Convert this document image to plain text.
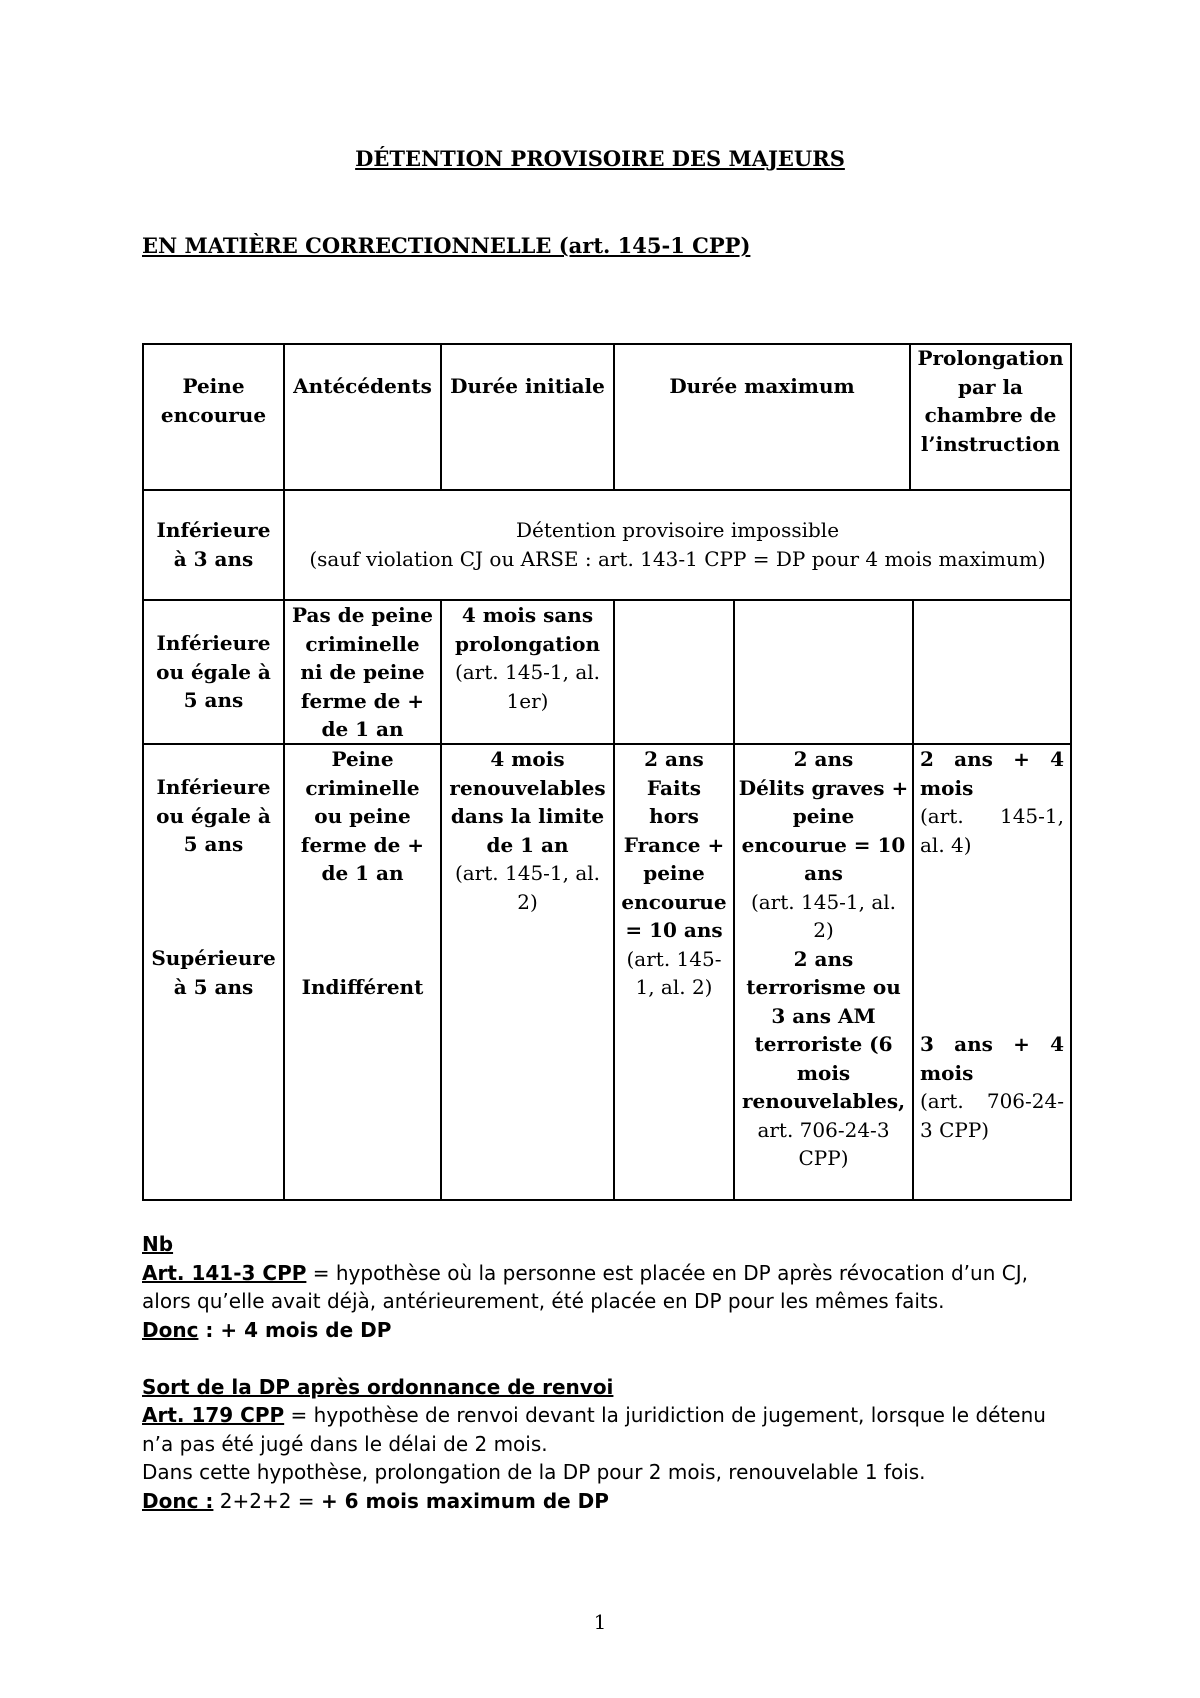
DÉTENTION PROVISOIRE DES MAJEURS
EN MATIÈRE CORRECTIONNELLE (art. 145-1 CPP)
Peine
encourue
Antécédents Durée initiale	Durée maximum
Prolongation
par la
chambre de
l’instruction
Inférieure
à 3 ans
Détention provisoire impossible
(sauf violation CJ ou ARSE : art. 143-1 CPP = DP pour 4 mois maximum)
Inférieure
ou égale à
5 ans
Pas de peine
criminelle
ni de peine
ferme de +
de 1 an
4 mois sans
prolongation
(art. 145-1, al.
1er)
Inférieure
ou égale à
5 ans
Supérieure
à 5 ans
Peine
criminelle
ou peine
ferme de +
de 1 an
Indifférent
4 mois
renouvelables
dans la limite
de 1 an
(art. 145-1, al.
2)
2 ans
Faits
hors
France +
peine
encourue
= 10 ans
(art. 145-
1, al. 2)
2 ans
Délits graves +
peine
encourue = 10
ans
(art. 145-1, al.
2)
2 ans
terrorisme ou
3 ans AM
terroriste (6
mois
renouvelables,
art. 706-24-3
CPP)
2 ans + 4
mois
(art. 145-1,
al. 4)
3 ans + 4
mois
(art. 706-24-
3 CPP)

Nb

Art. 141-3 CPP = hypothèse où la personne est placée en DP après révocation d’un CJ,

alors qu’elle avait déjà, antérieurement, été placée en DP pour les mêmes faits.

Donc : + 4 mois de DP

Sort de la DP après ordonnance de renvoi

Art. 179 CPP = hypothèse de renvoi devant la juridiction de jugement, lorsque le détenu

n’a pas été jugé dans le délai de 2 mois.

Dans cette hypothèse, prolongation de la DP pour 2 mois, renouvelable 1 fois.

Donc : 2+2+2 = + 6 mois maximum de DP

1
